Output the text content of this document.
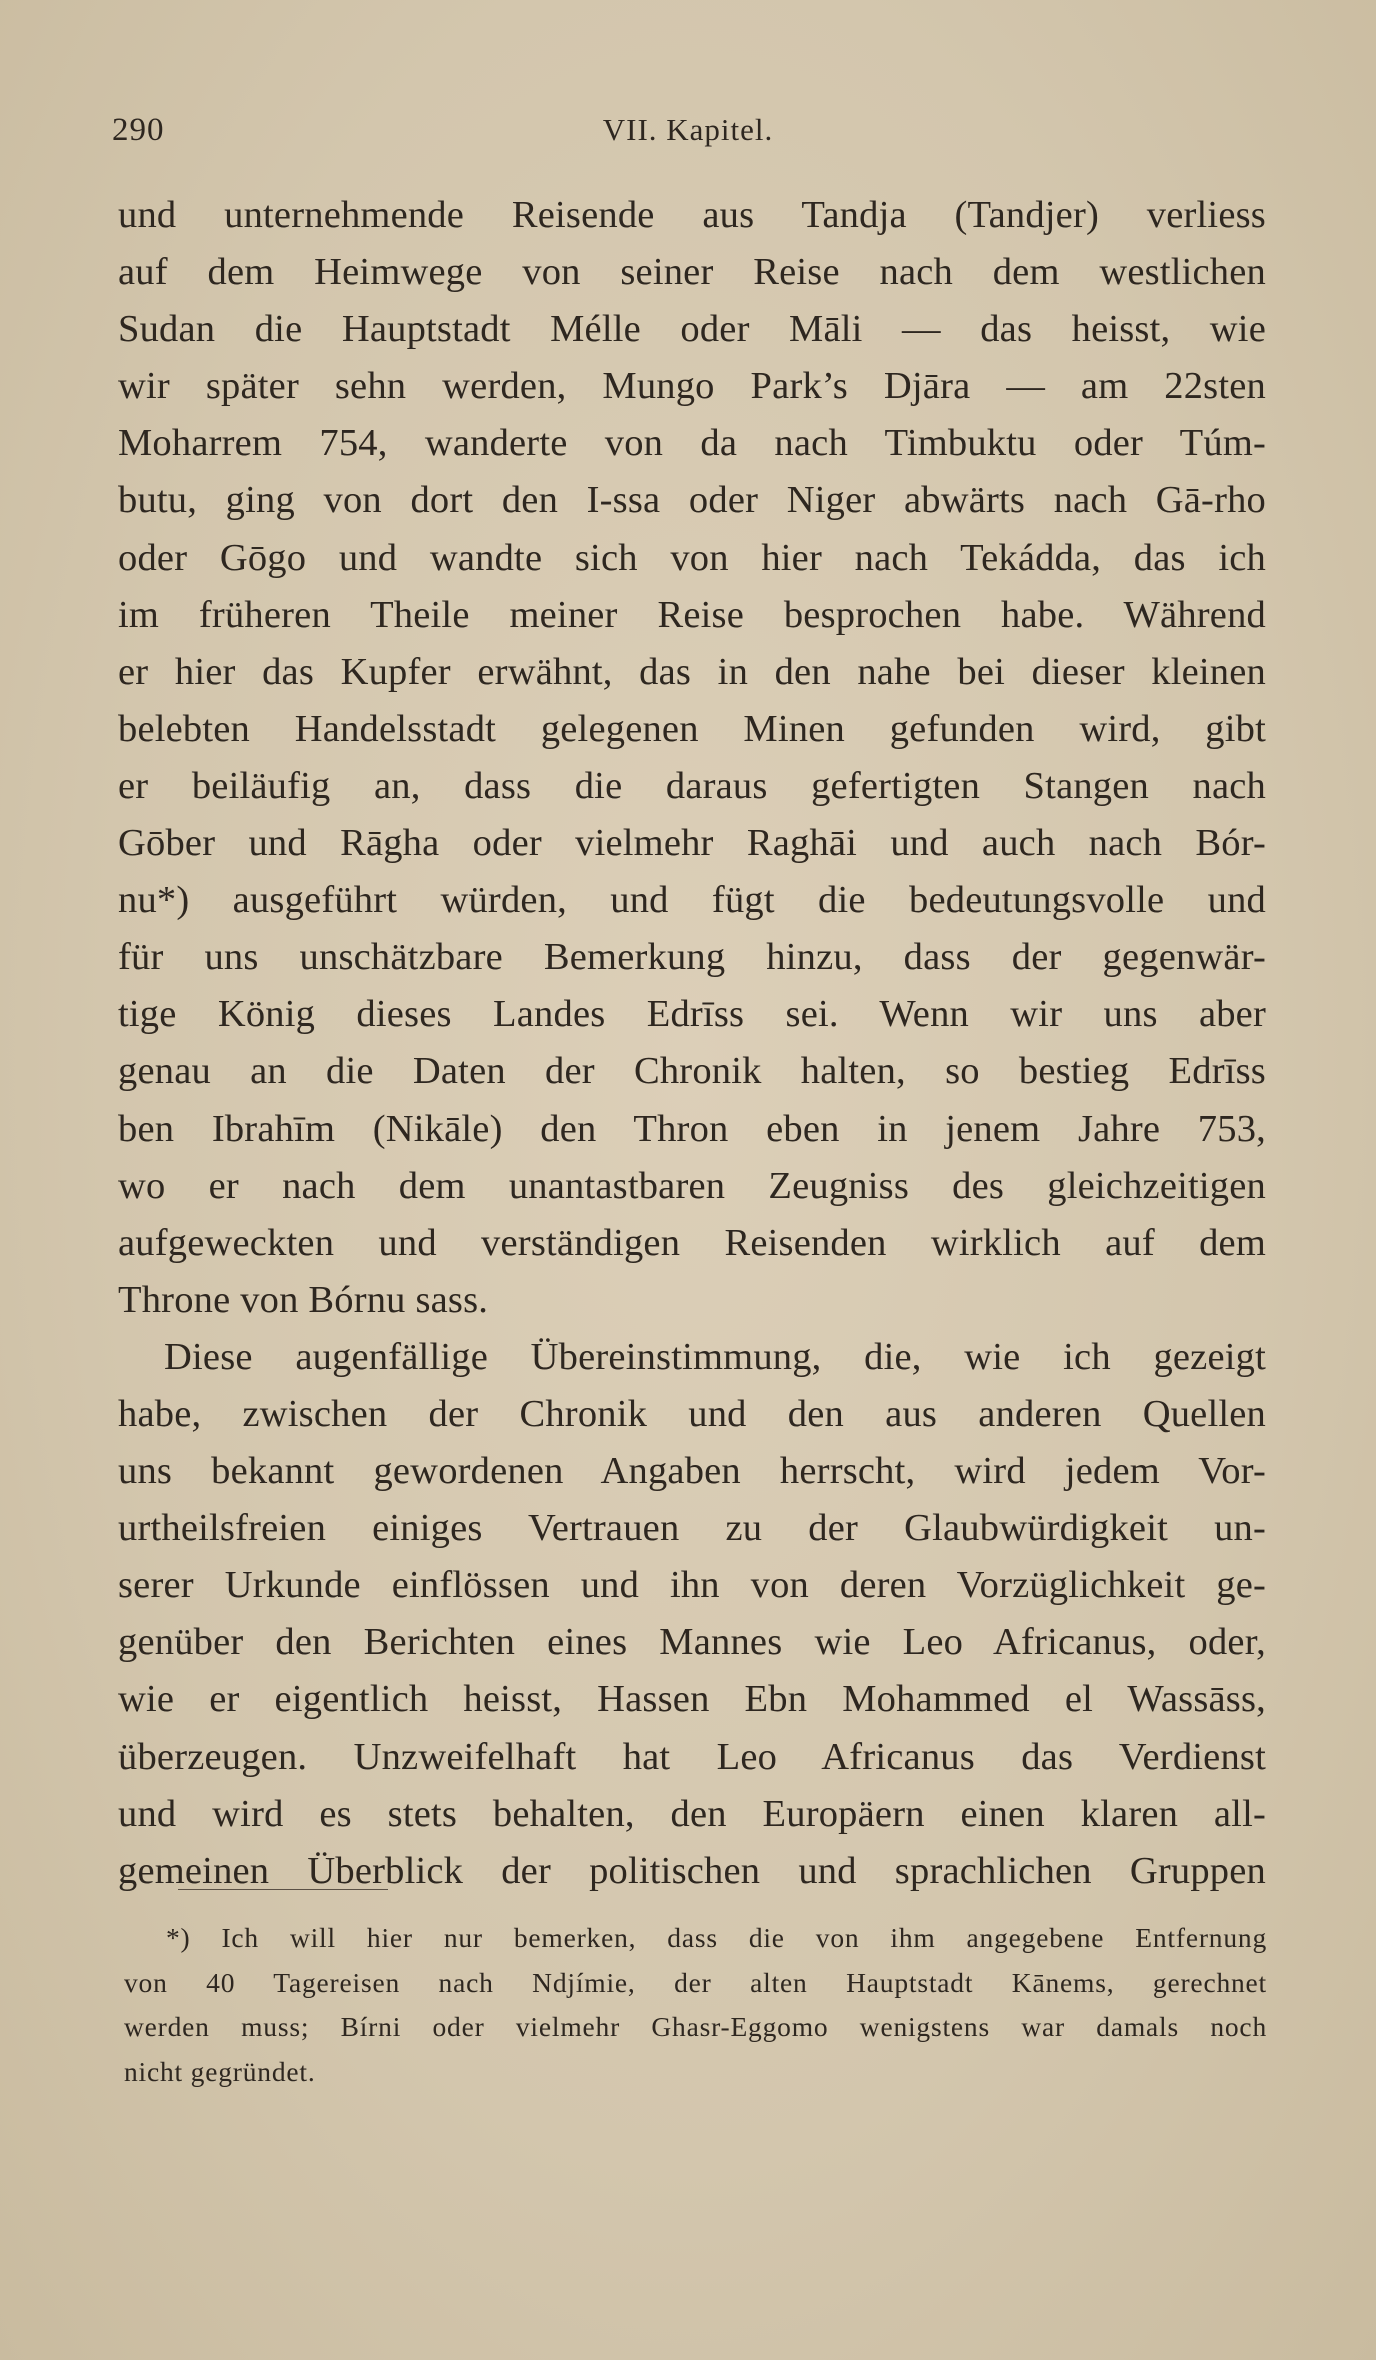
290	VII. Kapitel.
und unternehmende Reisende aus Tandja (Tandjer) verliess
auf dem Heimwege von seiner Reise nach dem westlichen
Sudan die Hauptstadt Mélle oder Māli — das heisst, wie
wir später sehn werden, Mungo Park’s Djāra — am 22sten
Moharrem 754, wanderte von da nach Timbuktu oder Túm-
butu, ging von dort den I-ssa oder Niger abwärts nach Gā-rho
oder Gōgo und wandte sich von hier nach Tekádda, das ich
im früheren Theile meiner Reise besprochen habe. Während
er hier das Kupfer erwähnt, das in den nahe bei dieser kleinen
belebten Handelsstadt gelegenen Minen gefunden wird, gibt
er beiläufig an, dass die daraus gefertigten Stangen nach
Gōber und Rāgha oder vielmehr Raghāi und auch nach Bór-
nu*) ausgeführt würden, und fügt die bedeutungsvolle und
für uns unschätzbare Bemerkung hinzu, dass der gegenwär-
tige König dieses Landes Edrīss sei. Wenn wir uns aber
genau an die Daten der Chronik halten, so bestieg Edrīss
ben Ibrahīm (Nikāle) den Thron eben in jenem Jahre 753,
wo er nach dem unantastbaren Zeugniss des gleichzeitigen
aufgeweckten und verständigen Reisenden wirklich auf dem
Throne von Bórnu sass.
Diese augenfällige Übereinstimmung, die, wie ich gezeigt
habe, zwischen der Chronik und den aus anderen Quellen
uns bekannt gewordenen Angaben herrscht, wird jedem Vor-
urtheilsfreien einiges Vertrauen zu der Glaubwürdigkeit un-
serer Urkunde einflössen und ihn von deren Vorzüglichkeit ge-
genüber den Berichten eines Mannes wie Leo Africanus, oder,
wie er eigentlich heisst, Hassen Ebn Mohammed el Wassāss,
überzeugen. Unzweifelhaft hat Leo Africanus das Verdienst
und wird es stets behalten, den Europäern einen klaren all-
gemeinen Überblick der politischen und sprachlichen Gruppen
*) Ich will hier nur bemerken, dass die von ihm angegebene Entfernung
von 40 Tagereisen nach Ndjímie, der alten Hauptstadt Kānems, gerechnet
werden muss; Bírni oder vielmehr Ghasr-Eggomo wenigstens war damals noch
nicht gegründet.
